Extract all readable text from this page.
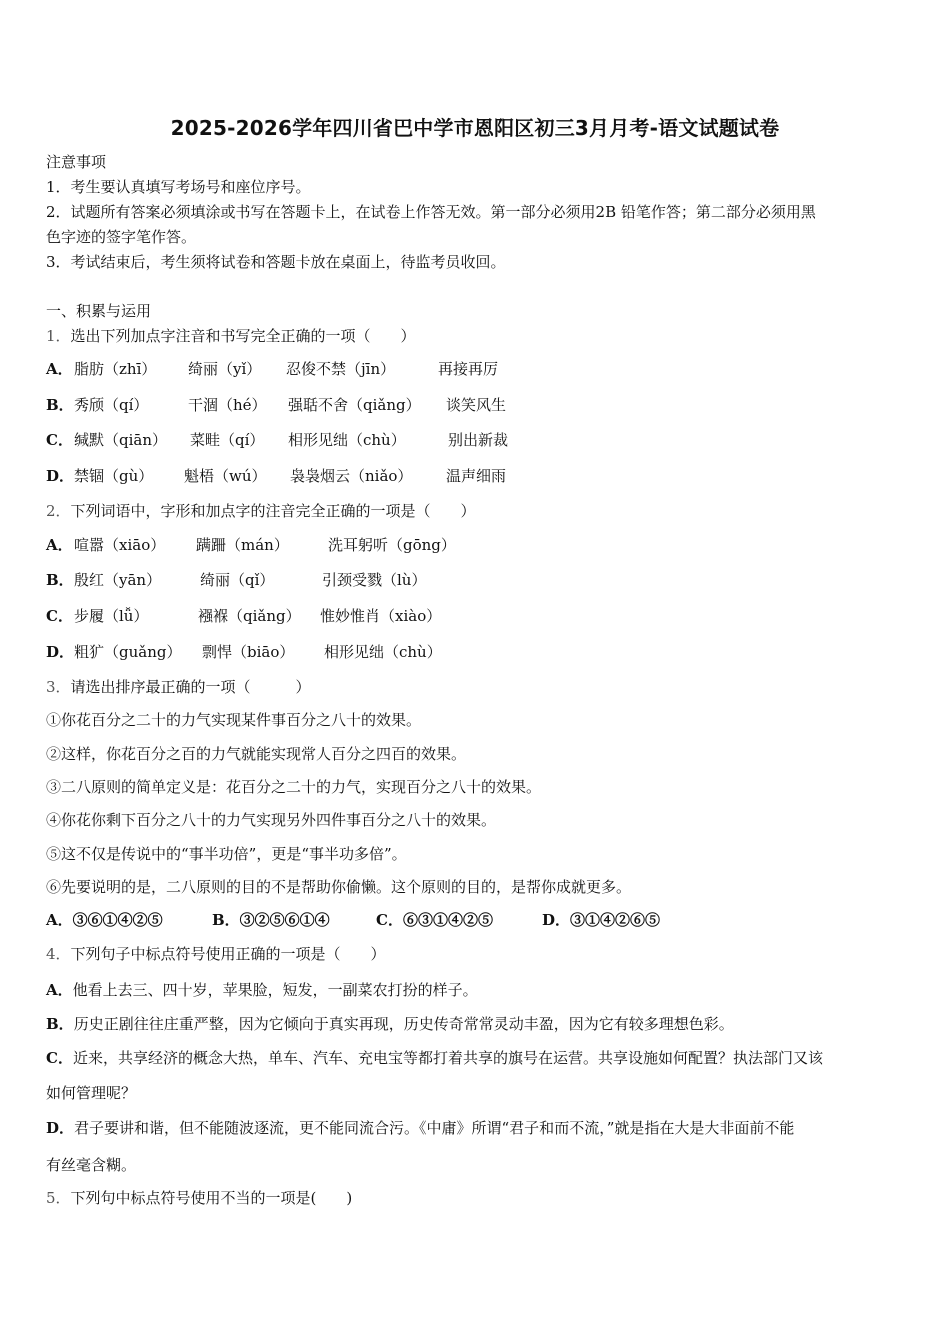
2025-2026学年四川省巴中学市恩阳区初三3月月考-语文试题试卷
注意事项
1．考生要认真填写考场号和座位序号。
2．试题所有答案必须填涂或书写在答题卡上，在试卷上作答无效。第一部分必须用2B 铅笔作答；第二部分必须用黑
色字迹的签字笔作答。
3．考试结束后，考生须将试卷和答题卡放在桌面上，待监考员收回。
一、积累与运用
1．选出下列加点字注音和书写完全正确的一项（　　）
A． 脂肪（zhī） 绮丽（yǐ） 忍俊不禁（jīn）	再接再厉
B． 秀颀（qí）	干涸（hé） 强聒不舍（qiǎng） 谈笑风生
C． 缄默（qiān） 菜畦（qí） 相形见绌（chù）	别出新裁
D． 禁锢（gù） 魁梧（wú） 袅袅烟云（niǎo） 温声细雨
2．下列词语中，字形和加点字的注音完全正确的一项是（　　）
A． 喧嚣（xiāo） 蹒跚（mán）	洗耳躬听（gōng）
B． 殷红（yān）	绮丽（qǐ）	引颈受戮（lù）
C． 步履（lǚ）	襁褓（qiǎng） 惟妙惟肖（xiào）
D． 粗犷（guǎng） 剽悍（biāo） 相形见绌（chù）
3．请选出排序最正确的一项（　　　）
①你花百分之二十的力气实现某件事百分之八十的效果。
②这样，你花百分之百的力气就能实现常人百分之四百的效果。
③二八原则的简单定义是：花百分之二十的力气，实现百分之八十的效果。
④你花你剩下百分之八十的力气实现另外四件事百分之八十的效果。
⑤这不仅是传说中的“事半功倍”，更是“事半功多倍”。
⑥先要说明的是，二八原则的目的不是帮助你偷懒。这个原则的目的，是帮你成就更多。
A．③⑥①④②⑤	B．③②⑤⑥①④	C．⑥③①④②⑤	D．③①④②⑥⑤
4．下列句子中标点符号使用正确的一项是（　　）
A．他看上去三、四十岁，苹果脸，短发，一副菜农打扮的样子。
B．历史正剧往往庄重严整，因为它倾向于真实再现，历史传奇常常灵动丰盈，因为它有较多理想色彩。
C．近来，共享经济的概念大热，单车、汽车、充电宝等都打着共享的旗号在运营。共享设施如何配置？执法部门又该
如何管理呢？
D．君子要讲和谐，但不能随波逐流，更不能同流合污。《中庸》所谓“君子和而不流，”就是指在大是大非面前不能
有丝毫含糊。
5．下列句中标点符号使用不当的一项是(　　)
